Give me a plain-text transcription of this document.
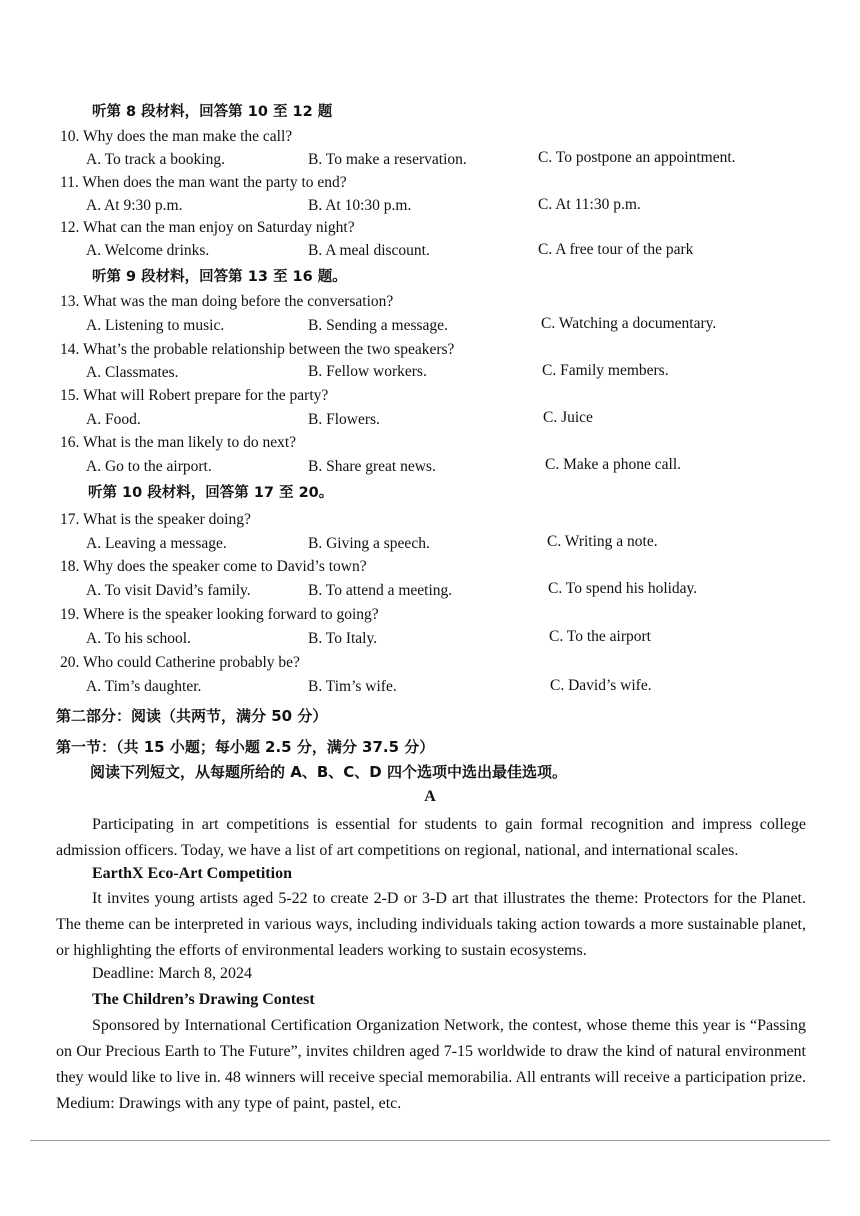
听第 8 段材料，回答第 10 至 12 题
10. Why does the man make the call?
A. To track a booking.	B. To make a reservation.	C. To postpone an appointment.
11. When does the man want the party to end?
A. At 9:30 p.m.	B. At 10:30 p.m.	C. At 11:30 p.m.
12. What can the man enjoy on Saturday night?
A. Welcome drinks.	B. A meal discount.	C. A free tour of the park
听第 9 段材料，回答第 13 至 16 题。
13. What was the man doing before the conversation?
A. Listening to music.	B. Sending a message.	C. Watching a documentary.
14. What’s the probable relationship between the two speakers?
A. Classmates.	B. Fellow workers.	C. Family members.
15. What will Robert prepare for the party?
A. Food.	B. Flowers.	C. Juice
16. What is the man likely to do next?
A. Go to the airport.	B. Share great news.	C. Make a phone call.
听第 10 段材料，回答第 17 至 20。
17. What is the speaker doing?
A. Leaving a message.	B. Giving a speech.	C. Writing a note.
18. Why does the speaker come to David’s town?
A. To visit David’s family.	B. To attend a meeting.	C. To spend his holiday.
19. Where is the speaker looking forward to going?
A. To his school.	B. To Italy.	C. To the airport
20. Who could Catherine probably be?
A. Tim’s daughter.	B. Tim’s wife.	C. David’s wife.
第二部分：阅读（共两节，满分 50 分）
第一节：（共 15 小题；每小题 2.5 分，满分 37.5 分）
阅读下列短文，从每题所给的 A、B、C、D 四个选项中选出最佳选项。
A
Participating in art competitions is essential for students to gain formal recognition and impress college admission officers. Today, we have a list of art competitions on regional, national, and international scales.
EarthX Eco-Art Competition
It invites young artists aged 5-22 to create 2-D or 3-D art that illustrates the theme: Protectors for the Planet. The theme can be interpreted in various ways, including individuals taking action towards a more sustainable planet, or highlighting the efforts of environmental leaders working to sustain ecosystems.
Deadline: March 8, 2024
The Children’s Drawing Contest
Sponsored by International Certification Organization Network, the contest, whose theme this year is “Passing on Our Precious Earth to The Future”, invites children aged 7-15 worldwide to draw the kind of natural environment they would like to live in. 48 winners will receive special memorabilia. All entrants will receive a participation prize. Medium: Drawings with any type of paint, pastel, etc.
